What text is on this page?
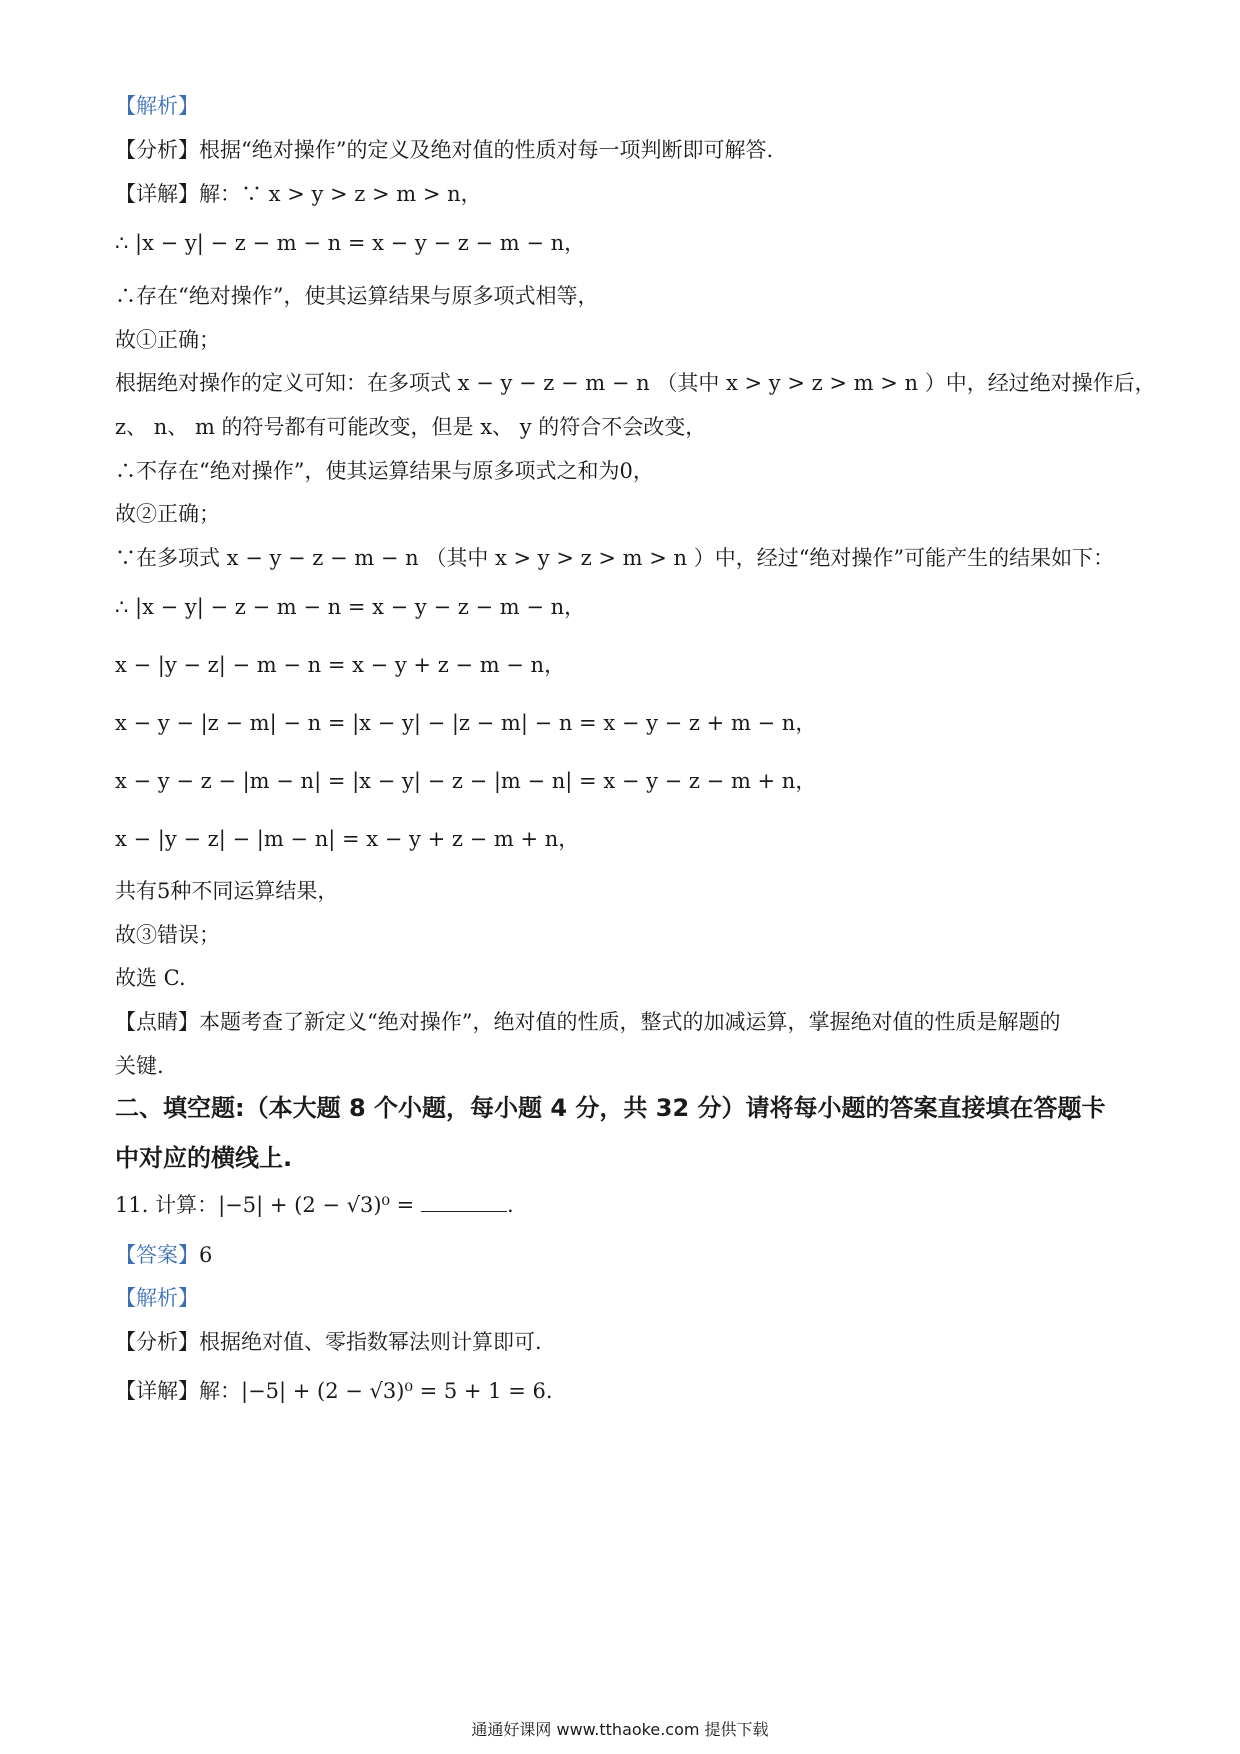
【解析】
【分析】根据“绝对操作”的定义及绝对值的性质对每一项判断即可解答.
【详解】解：∵ x > y > z > m > n，
∴ |x − y| − z − m − n = x − y − z − m − n，
∴存在“绝对操作”，使其运算结果与原多项式相等，
故①正确；
根据绝对操作的定义可知：在多项式 x − y − z − m − n （其中 x > y > z > m > n ）中，经过绝对操作后，
z、 n、 m 的符号都有可能改变，但是 x、 y 的符合不会改变，
∴不存在“绝对操作”，使其运算结果与原多项式之和为0，
故②正确；
∵在多项式 x − y − z − m − n （其中 x > y > z > m > n ）中，经过“绝对操作”可能产生的结果如下：
∴ |x − y| − z − m − n = x − y − z − m − n，
x − |y − z| − m − n = x − y + z − m − n，
x − y − |z − m| − n = |x − y| − |z − m| − n = x − y − z + m − n，
x − y − z − |m − n| = |x − y| − z − |m − n| = x − y − z − m + n，
x − |y − z| − |m − n| = x − y + z − m + n，
共有5种不同运算结果，
故③错误；
故选 C.
【点睛】本题考查了新定义“绝对操作”，绝对值的性质，整式的加减运算，掌握绝对值的性质是解题的
关键.
二、填空题:（本大题 8 个小题，每小题 4 分，共 32 分）请将每小题的答案直接填在答题卡
中对应的横线上.
11. 计算：|−5| + (2 − √3)⁰ =	.
【答案】6
【解析】
【分析】根据绝对值、零指数幂法则计算即可.
【详解】解：|−5| + (2 − √3)⁰ = 5 + 1 = 6.
通通好课网 www.tthaoke.com 提供下载
